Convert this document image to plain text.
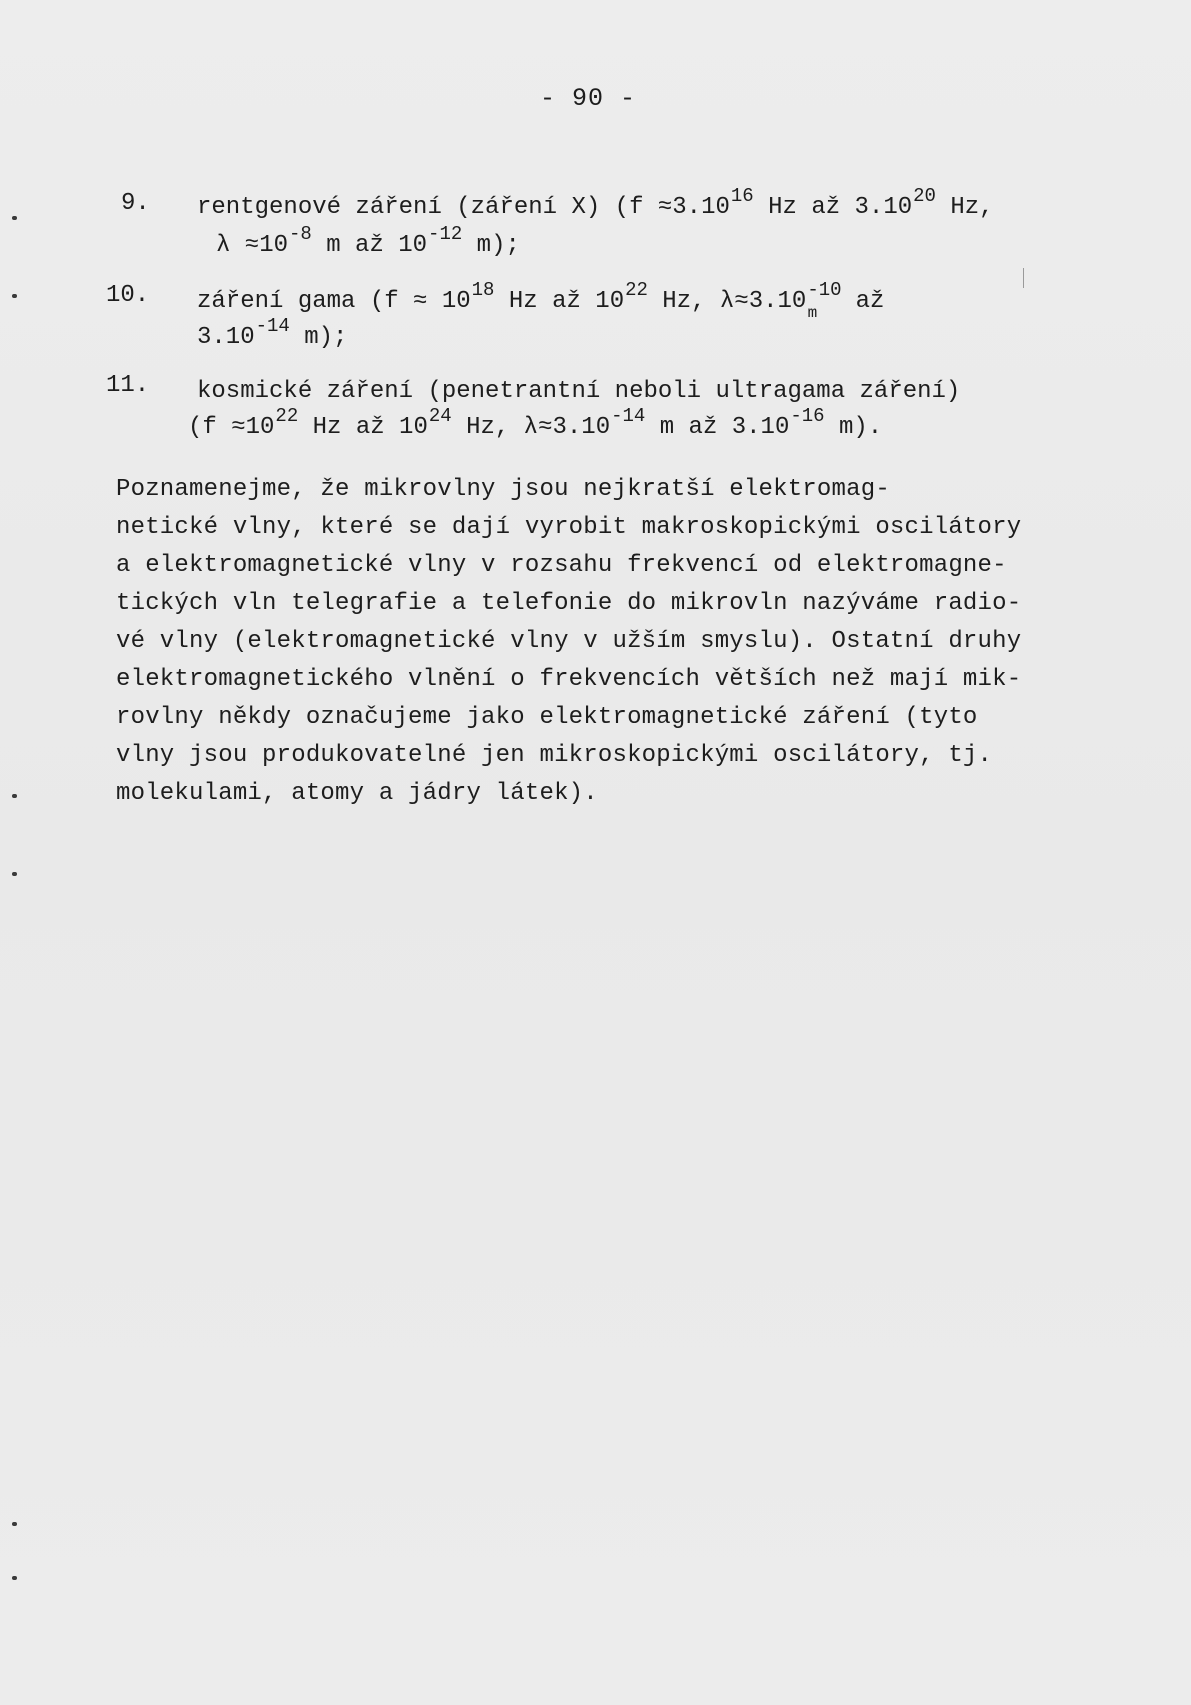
- 90 -
9. rentgenové záření (záření X) ($f \approx 3.10^{16}$ Hz až 3.10$^{20}$ Hz,
$\lambda \approx 10^{-8}$ m až $10^{-12}$ m);
10. záření gama ($f \approx 10^{18}$ Hz až $10^{22}$ Hz, $\lambda\approx 3.10^{-10}_m$ až
$3.10^{-14}$ m);
11. kosmické záření (penetrantní neboli ultragama záření)
($f \approx 10^{22}$ Hz až $10^{24}$ Hz, $\lambda\approx 3.10^{-14}$ m až $3.10^{-16}$ m).
Poznamenejme, že mikrovlny jsou nejkratší elektromag-
netické vlny, které se dají vyrobit makroskopickými oscilátory
a elektromagnetické vlny v rozsahu frekvencí od elektromagne-
tických vln telegrafie a telefonie do mikrovln nazýváme radio-
vé vlny (elektromagnetické vlny v užším smyslu). Ostatní druhy
elektromagnetického vlnění o frekvencích větších než mají mik-
rovlny někdy označujeme jako elektromagnetické záření (tyto
vlny jsou produkovatelné jen mikroskopickými oscilátory, tj.
molekulami, atomy a jádry látek).
